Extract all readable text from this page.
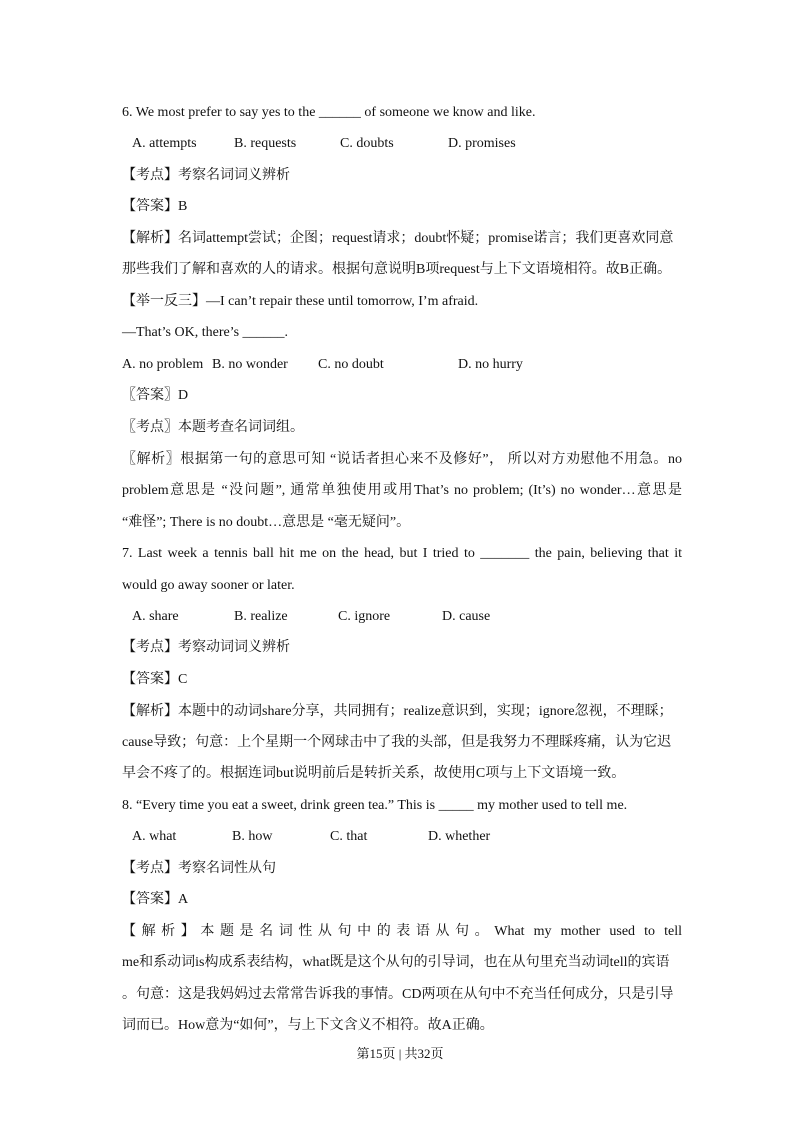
6. We most prefer to say yes to the ______ of someone we know and like.
A. attempts	B. requests	C. doubts	D. promises
【考点】考察名词词义辨析
【答案】B
【解析】名词attempt尝试；企图；request请求；doubt怀疑；promise诺言；我们更喜欢同意
那些我们了解和喜欢的人的请求。根据句意说明B项request与上下文语境相符。故B正确。
【举一反三】—I can’t repair these until tomorrow, I’m afraid.
—That’s OK, there’s ______.
A. no problem B. no wonder C. no doubt	D. no hurry
〖答案〗D
〖考点〗本题考查名词词组。
〖解析〗根据第一句的意思可知 “说话者担心来不及修好”， 所以对方劝慰他不用急。no
problem意思是 “没问题”, 通常单独使用或用That’s no problem; (It’s) no wonder…意思是
“难怪”; There is no doubt…意思是 “毫无疑问”。
7. Last week a tennis ball hit me on the head, but I tried to _______ the pain, believing that it
would go away sooner or later.
A. share	B. realize	C. ignore	D. cause
【考点】考察动词词义辨析
【答案】C
【解析】本题中的动词share分享，共同拥有；realize意识到，实现；ignore忽视，不理睬；
cause导致；句意：上个星期一个网球击中了我的头部，但是我努力不理睬疼痛，认为它迟
早会不疼了的。根据连词but说明前后是转折关系，故使用C项与上下文语境一致。
8. “Every time you eat a sweet, drink green tea.” This is _____ my mother used to tell me.
A. what	B. how	C. that	D. whether
【考点】考察名词性从句
【答案】A
【解析】本题是名词性从句中的表语从句。What my mother used to tell
me和系动词is构成系表结构，what既是这个从句的引导词，也在从句里充当动词tell的宾语
。句意：这是我妈妈过去常常告诉我的事情。CD两项在从句中不充当任何成分，只是引导
词而已。How意为“如何”，与上下文含义不相符。故A正确。
第15页 | 共32页
